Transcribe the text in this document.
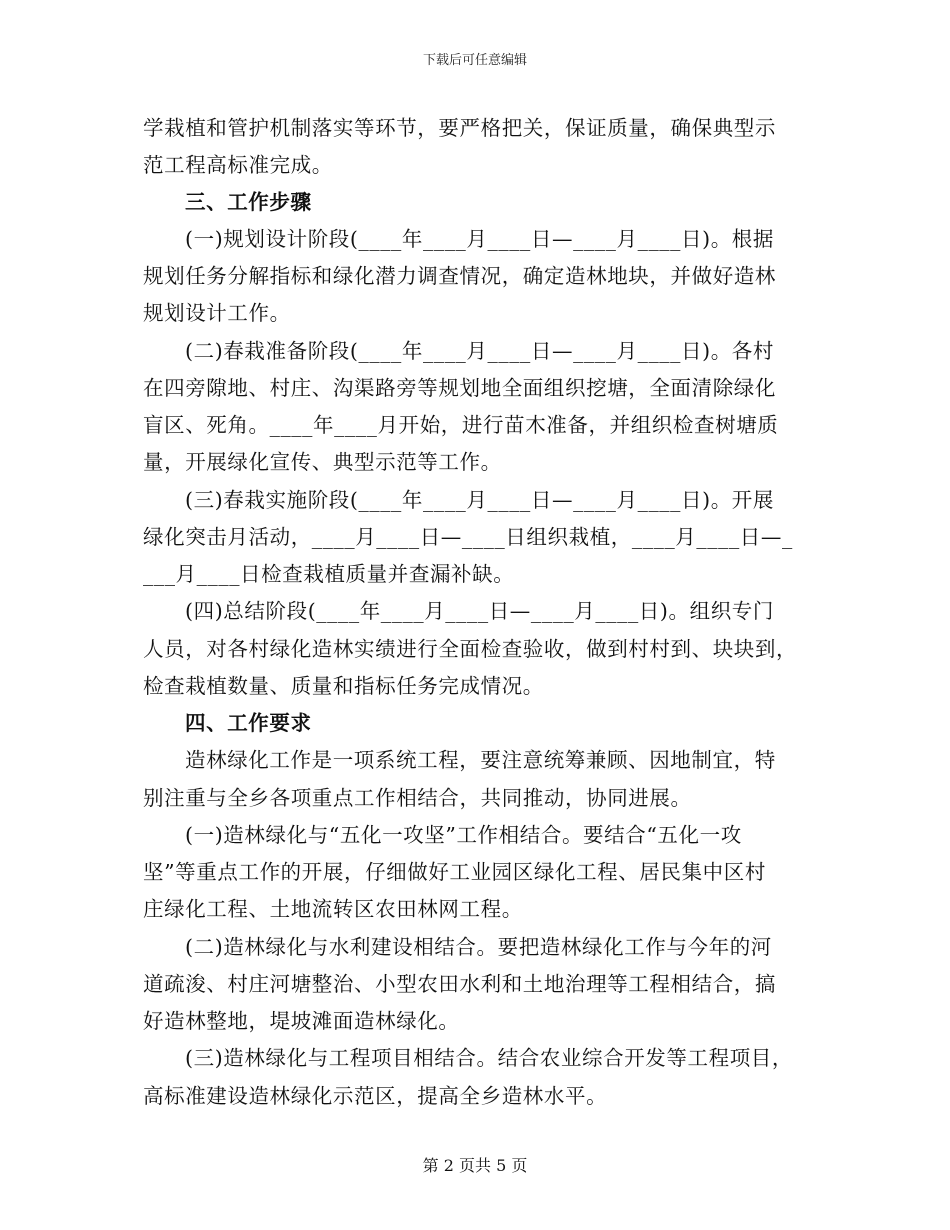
下载后可任意编辑

学栽植和管护机制落实等环节，要严格把关，保证质量，确保典型示

范工程高标准完成。

三、工作步骤

(一)规划设计阶段(____年____月____日—____月____日)。根据

规划任务分解指标和绿化潜力调查情况，确定造林地块，并做好造林

规划设计工作。

(二)春栽准备阶段(____年____月____日—____月____日)。各村

在四旁隙地、村庄、沟渠路旁等规划地全面组织挖塘，全面清除绿化

盲区、死角。____年____月开始，进行苗木准备，并组织检查树塘质

量，开展绿化宣传、典型示范等工作。

(三)春栽实施阶段(____年____月____日—____月____日)。开展

绿化突击月活动，____月____日—____日组织栽植，____月____日—_

___月____日检查栽植质量并查漏补缺。

(四)总结阶段(____年____月____日—____月____日)。组织专门

人员，对各村绿化造林实绩进行全面检查验收，做到村村到、块块到，

检查栽植数量、质量和指标任务完成情况。

四、工作要求

造林绿化工作是一项系统工程，要注意统筹兼顾、因地制宜，特

别注重与全乡各项重点工作相结合，共同推动，协同进展。

(一)造林绿化与“五化一攻坚”工作相结合。要结合“五化一攻

坚”等重点工作的开展，仔细做好工业园区绿化工程、居民集中区村

庄绿化工程、土地流转区农田林网工程。

(二)造林绿化与水利建设相结合。要把造林绿化工作与今年的河

道疏浚、村庄河塘整治、小型农田水利和土地治理等工程相结合，搞

好造林整地，堤坡滩面造林绿化。

(三)造林绿化与工程项目相结合。结合农业综合开发等工程项目，

高标准建设造林绿化示范区，提高全乡造林水平。

第 2 页共 5 页
